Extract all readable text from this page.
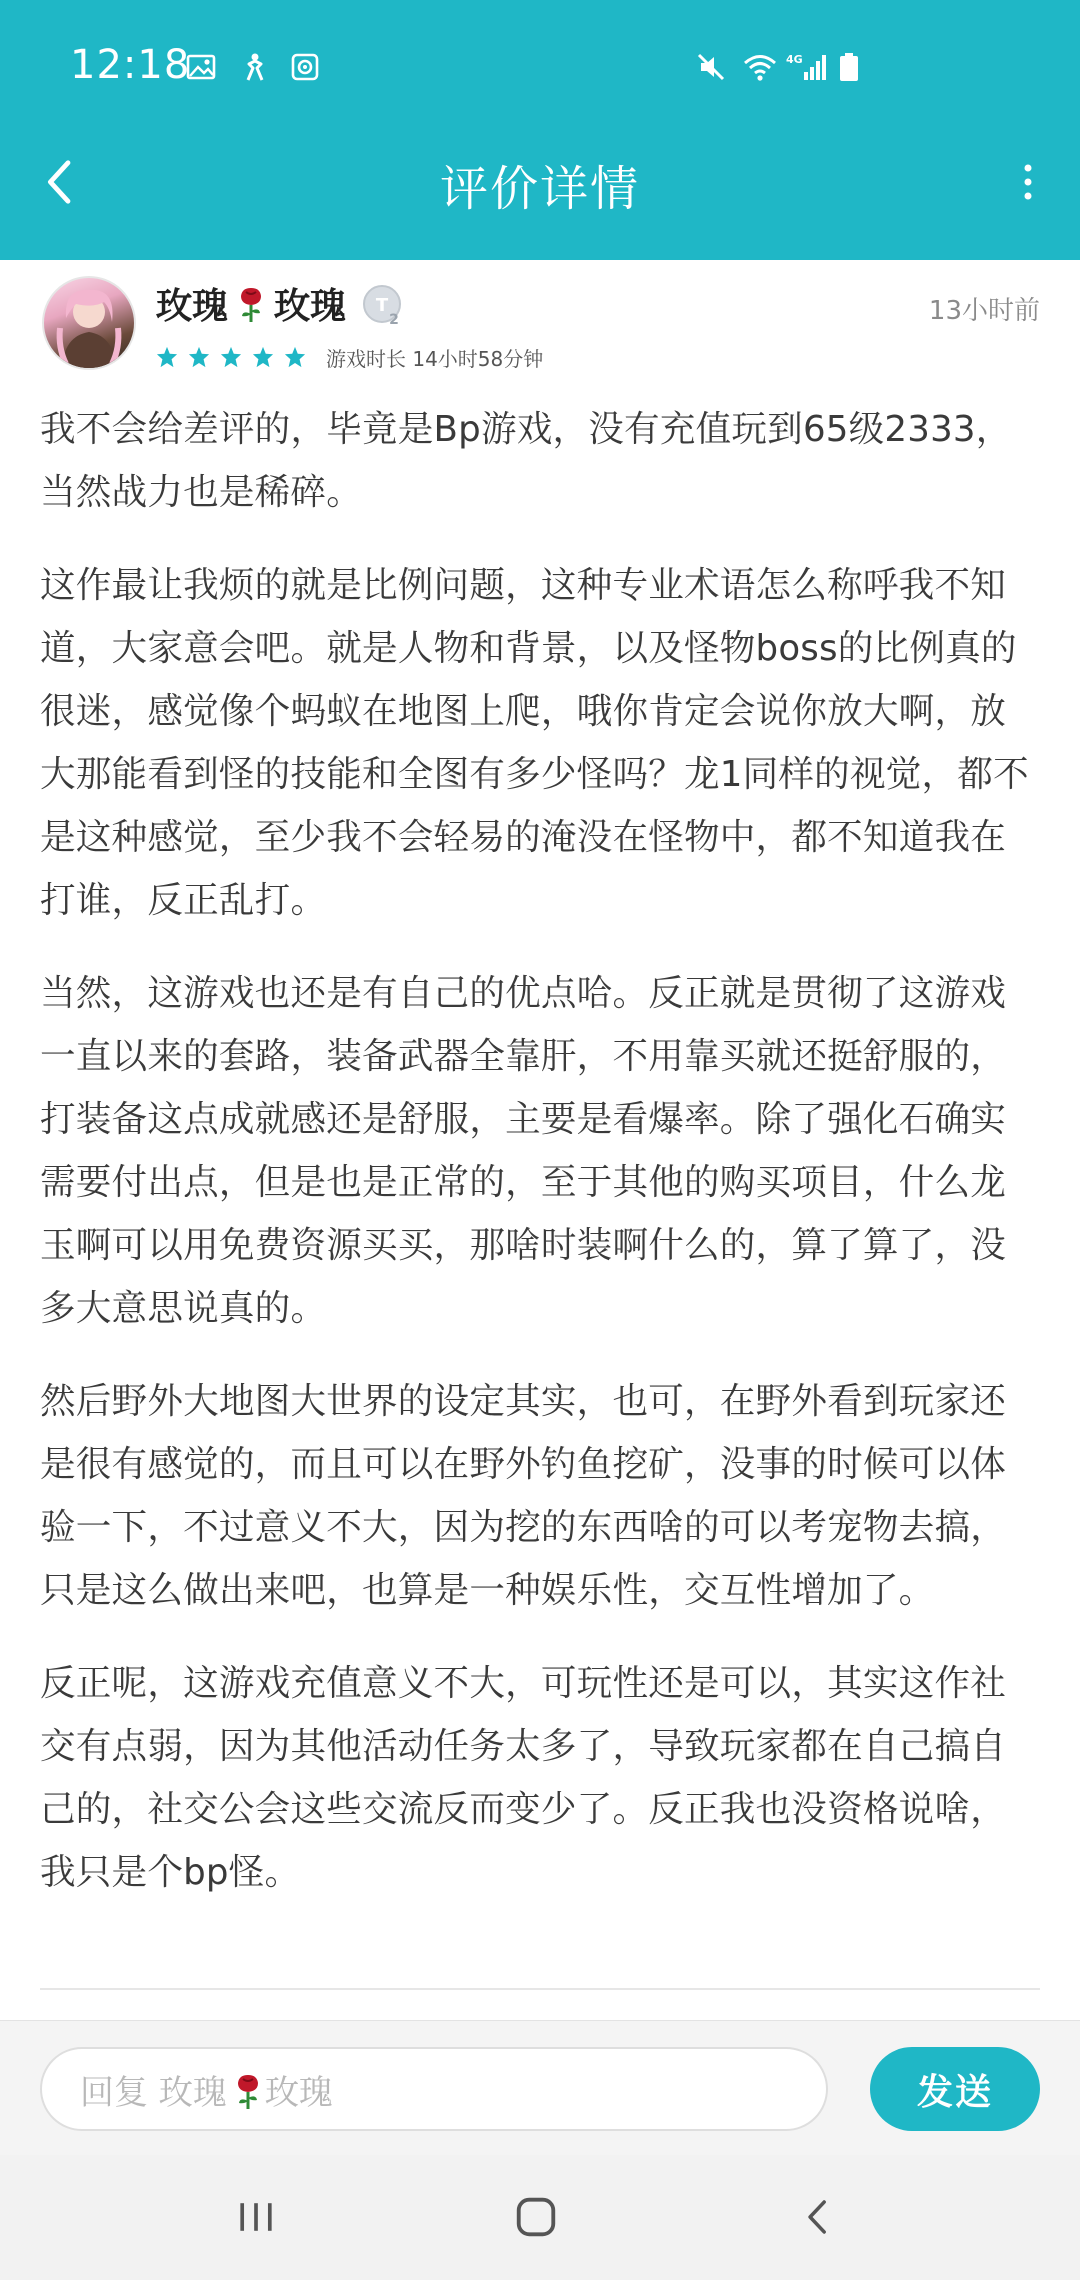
12:18	4G
评价详情
玫瑰 玫瑰 T
2	13小时前
游戏时长 14小时58分钟

我不会给差评的，毕竟是Bp游戏，没有充值玩到65级2333，当然战力也是稀碎。

这作最让我烦的就是比例问题，这种专业术语怎么称呼我不知道，大家意会吧。就是人物和背景，以及怪物boss的比例真的很迷，感觉像个蚂蚁在地图上爬，哦你肯定会说你放大啊，放大那能看到怪的技能和全图有多少怪吗？龙1同样的视觉，都不是这种感觉，至少我不会轻易的淹没在怪物中，都不知道我在打谁，反正乱打。

当然，这游戏也还是有自己的优点哈。反正就是贯彻了这游戏一直以来的套路，装备武器全靠肝，不用靠买就还挺舒服的，打装备这点成就感还是舒服，主要是看爆率。除了强化石确实需要付出点，但是也是正常的，至于其他的购买项目，什么龙玉啊可以用免费资源买买，那啥时装啊什么的，算了算了，没多大意思说真的。

然后野外大地图大世界的设定其实，也可，在野外看到玩家还是很有感觉的，而且可以在野外钓鱼挖矿，没事的时候可以体验一下，不过意义不大，因为挖的东西啥的可以考宠物去搞，只是这么做出来吧，也算是一种娱乐性，交互性增加了。

反正呢，这游戏充值意义不大，可玩性还是可以，其实这作社交有点弱，因为其他活动任务太多了，导致玩家都在自己搞自己的，社交公会这些交流反而变少了。反正我也没资格说啥，我只是个bp怪。

回复 玫瑰 玫瑰	发送
